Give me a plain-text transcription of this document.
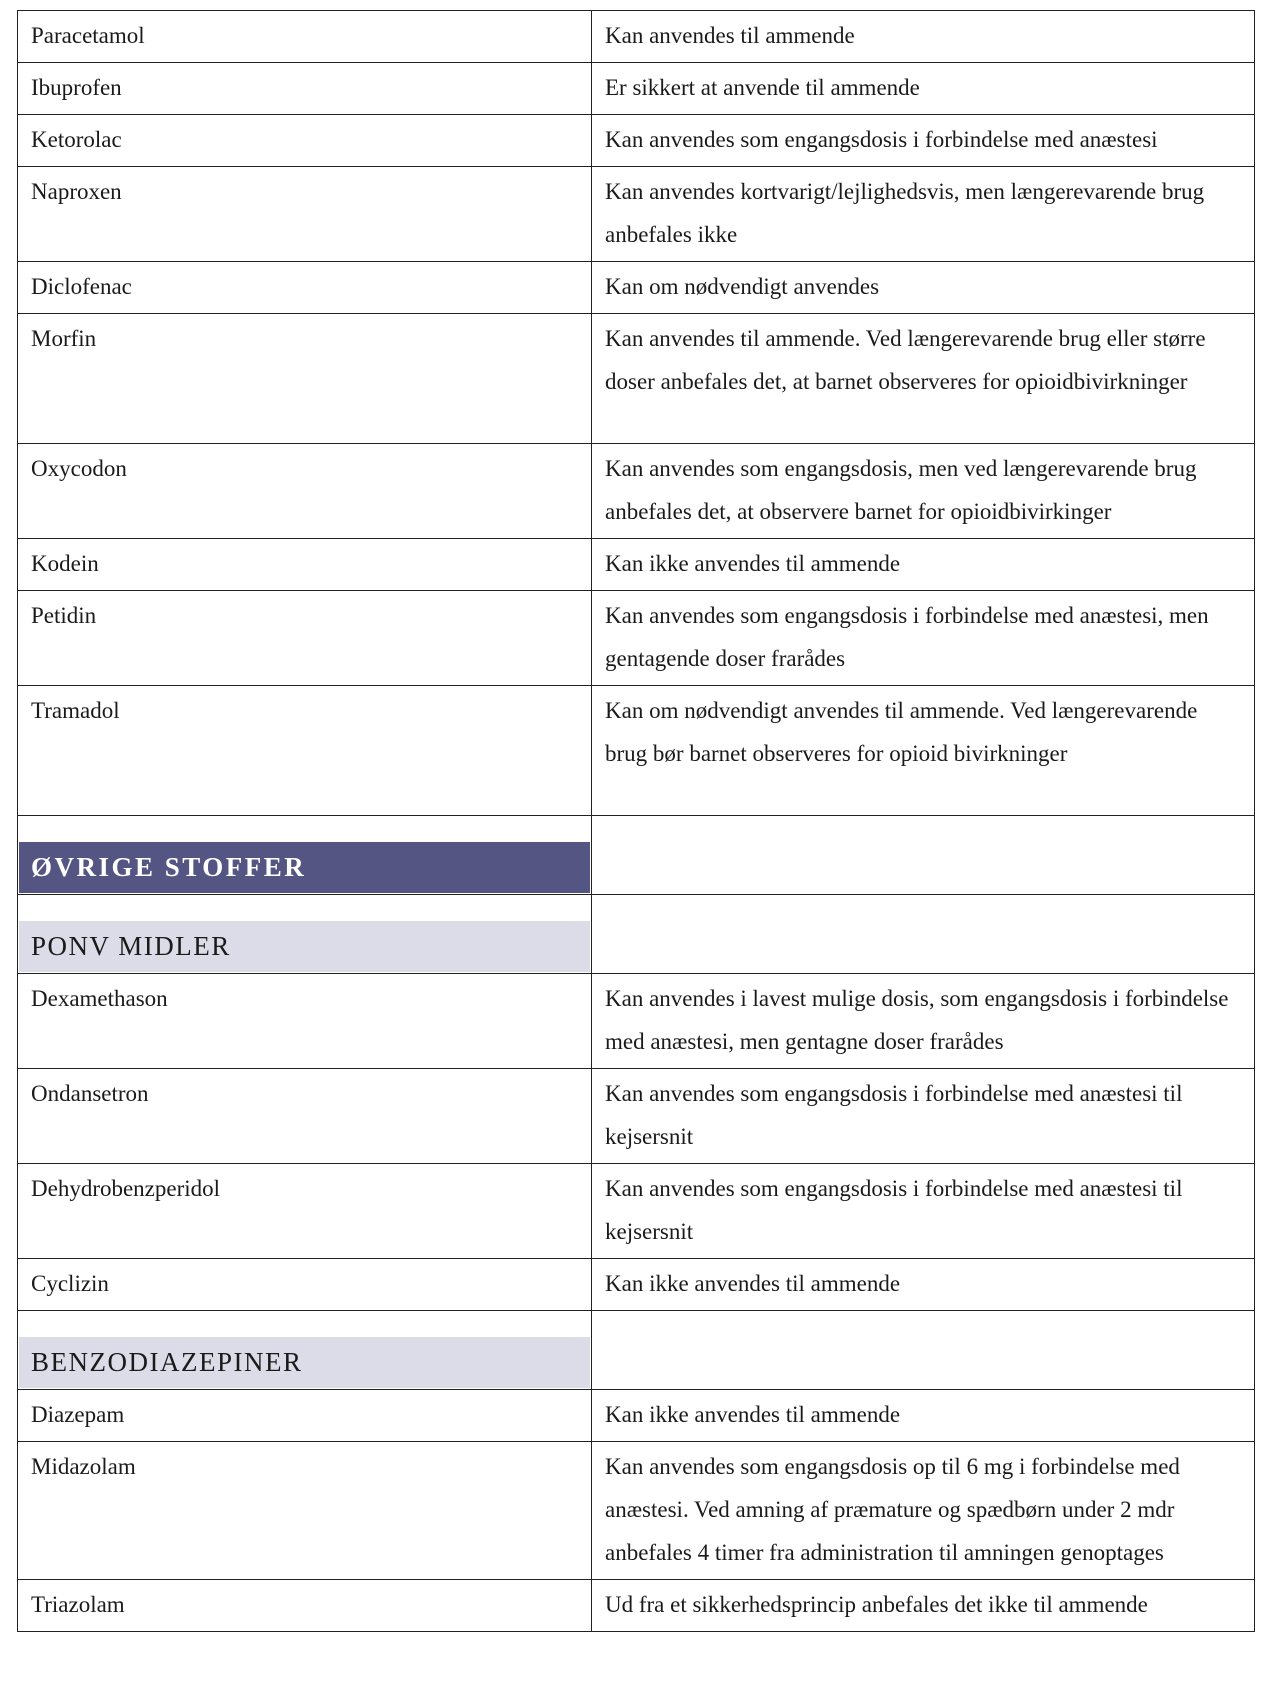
Paracetamol	Kan anvendes til ammende
Ibuprofen	Er sikkert at anvende til ammende
Ketorolac	Kan anvendes som engangsdosis i forbindelse med anæstesi
Naproxen	Kan anvendes kortvarigt/lejlighedsvis, men længerevarende brug anbefales ikke
Diclofenac	Kan om nødvendigt anvendes
Morfin	Kan anvendes til ammende. Ved længerevarende brug eller større doser anbefales det, at barnet observeres for opioidbivirkninger
Oxycodon	Kan anvendes som engangsdosis, men ved længerevarende brug anbefales det, at observere barnet for opioidbivirkinger
Kodein	Kan ikke anvendes til ammende
Petidin	Kan anvendes som engangsdosis i forbindelse med anæstesi, men gentagende doser frarådes
Tramadol	Kan om nødvendigt anvendes til ammende. Ved længerevarende brug bør barnet observeres for opioid bivirkninger

ØVRIGE STOFFER	

PONV MIDLER	

Dexamethason	Kan anvendes i lavest mulige dosis, som engangsdosis i forbindelse med anæstesi, men gentagne doser frarådes
Ondansetron	Kan anvendes som engangsdosis i forbindelse med anæstesi til kejsersnit
Dehydrobenzperidol	Kan anvendes som engangsdosis i forbindelse med anæstesi til kejsersnit
Cyclizin	Kan ikke anvendes til ammende

BENZODIAZEPINER	

Diazepam	Kan ikke anvendes til ammende
Midazolam	Kan anvendes som engangsdosis op til 6 mg i forbindelse med anæstesi. Ved amning af præmature og spædbørn under 2 mdr anbefales 4 timer fra administration til amningen genoptages
Triazolam	Ud fra et sikkerhedsprincip anbefales det ikke til ammende
